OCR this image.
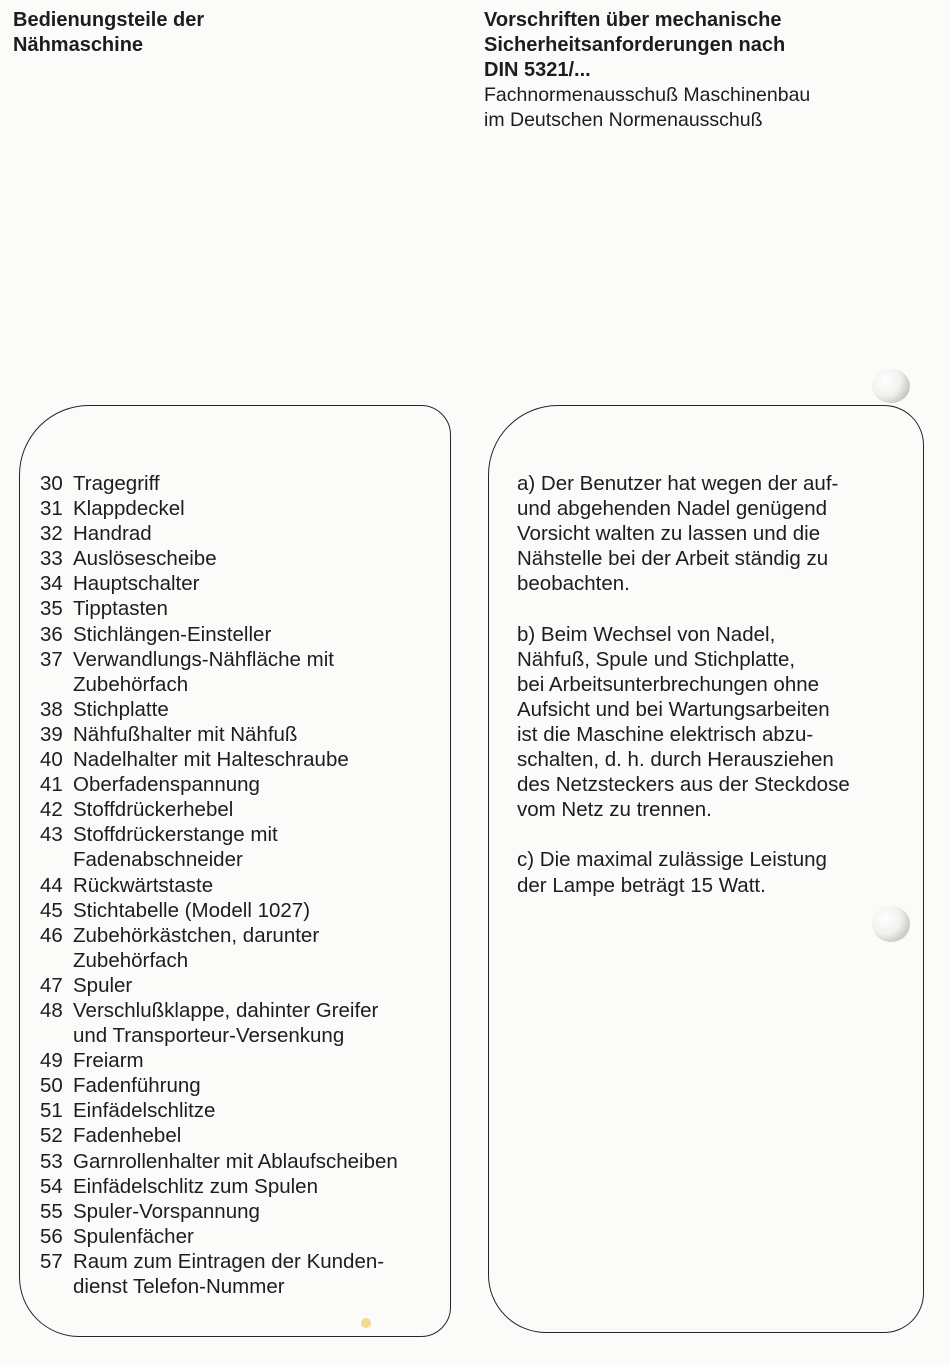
Bedienungsteile der
Nähmaschine
Vorschriften über mechanische
Sicherheitsanforderungen nach
DIN 5321/...
Fachnormenausschuß Maschinenbau
im Deutschen Normenausschuß
30 Tragegriff
31 Klappdeckel
32 Handrad
33 Auslösescheibe
34 Hauptschalter
35 Tipptasten
36 Stichlängen-Einsteller
37 Verwandlungs-Nähfläche mit
Zubehörfach
38 Stichplatte
39 Nähfußhalter mit Nähfuß
40 Nadelhalter mit Halteschraube
41 Oberfadenspannung
42 Stoffdrückerhebel
43 Stoffdrückerstange mit
Fadenabschneider
44 Rückwärtstaste
45 Stichtabelle (Modell 1027)
46 Zubehörkästchen, darunter
Zubehörfach
47 Spuler
48 Verschlußklappe, dahinter Greifer
und Transporteur-Versenkung
49 Freiarm
50 Fadenführung
51 Einfädelschlitze
52 Fadenhebel
53 Garnrollenhalter mit Ablaufscheiben
54 Einfädelschlitz zum Spulen
55 Spuler-Vorspannung
56 Spulenfächer
57 Raum zum Eintragen der Kunden-
dienst Telefon-Nummer

a) Der Benutzer hat wegen der auf-
und abgehenden Nadel genügend
Vorsicht walten zu lassen und die
Nähstelle bei der Arbeit ständig zu
beobachten.

b) Beim Wechsel von Nadel,
Nähfuß, Spule und Stichplatte,
bei Arbeitsunterbrechungen ohne
Aufsicht und bei Wartungsarbeiten
ist die Maschine elektrisch abzu-
schalten, d. h. durch Herausziehen
des Netzsteckers aus der Steckdose
vom Netz zu trennen.

c) Die maximal zulässige Leistung
der Lampe beträgt 15 Watt.
